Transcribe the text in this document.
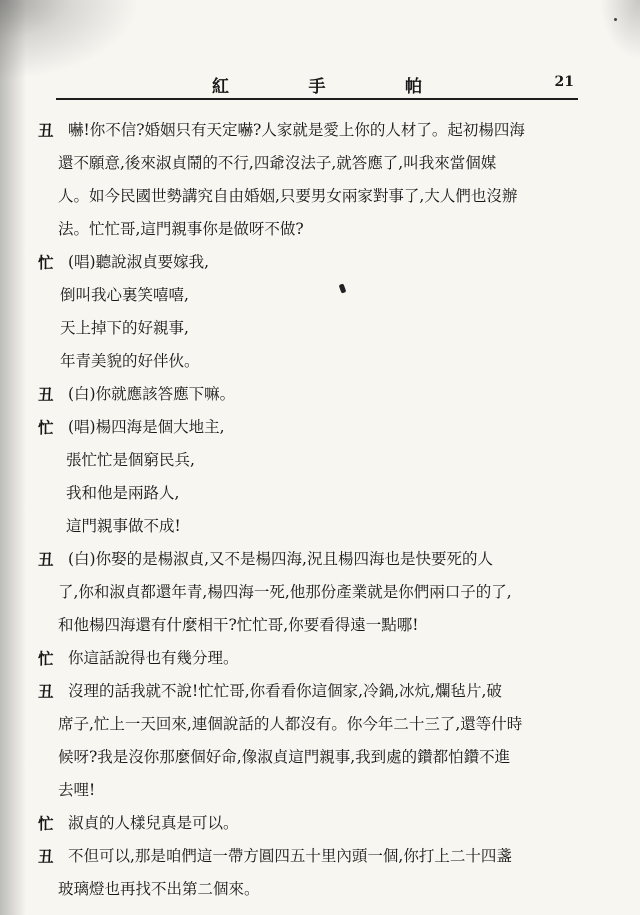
紅	手	帕	21
丑 嚇!你不信?婚姻只有天定嚇?人家就是愛上你的人材了。起初楊四海
還不願意,後來淑貞鬧的不行,四爺沒法子,就答應了,叫我來當個媒
人。如今民國世勢講究自由婚姻,只要男女兩家對事了,大人們也沒辦
法。忙忙哥,這門親事你是做呀不做?
忙 (唱)聽說淑貞要嫁我,
倒叫我心裏笑嘻嘻,
天上掉下的好親事,
年青美貌的好伴伙。
丑 (白)你就應該答應下嘛。
忙 (唱)楊四海是個大地主,
張忙忙是個窮民兵,
我和他是兩路人,
這門親事做不成!
丑 (白)你娶的是楊淑貞,又不是楊四海,況且楊四海也是快要死的人
了,你和淑貞都還年青,楊四海一死,他那份產業就是你們兩口子的了,
和他楊四海還有什麼相干?忙忙哥,你要看得遠一點哪!
忙 你這話說得也有幾分理。
丑 沒理的話我就不說!忙忙哥,你看看你這個家,冷鍋,冰炕,爛毡片,破
席子,忙上一天回來,連個說話的人都沒有。你今年二十三了,還等什時
候呀?我是沒你那麼個好命,像淑貞這門親事,我到處的鑽都怕鑽不進
去哩!
忙 淑貞的人樣兒真是可以。
丑 不但可以,那是咱們這一帶方圓四五十里內頭一個,你打上二十四盞
玻璃燈也再找不出第二個來。
